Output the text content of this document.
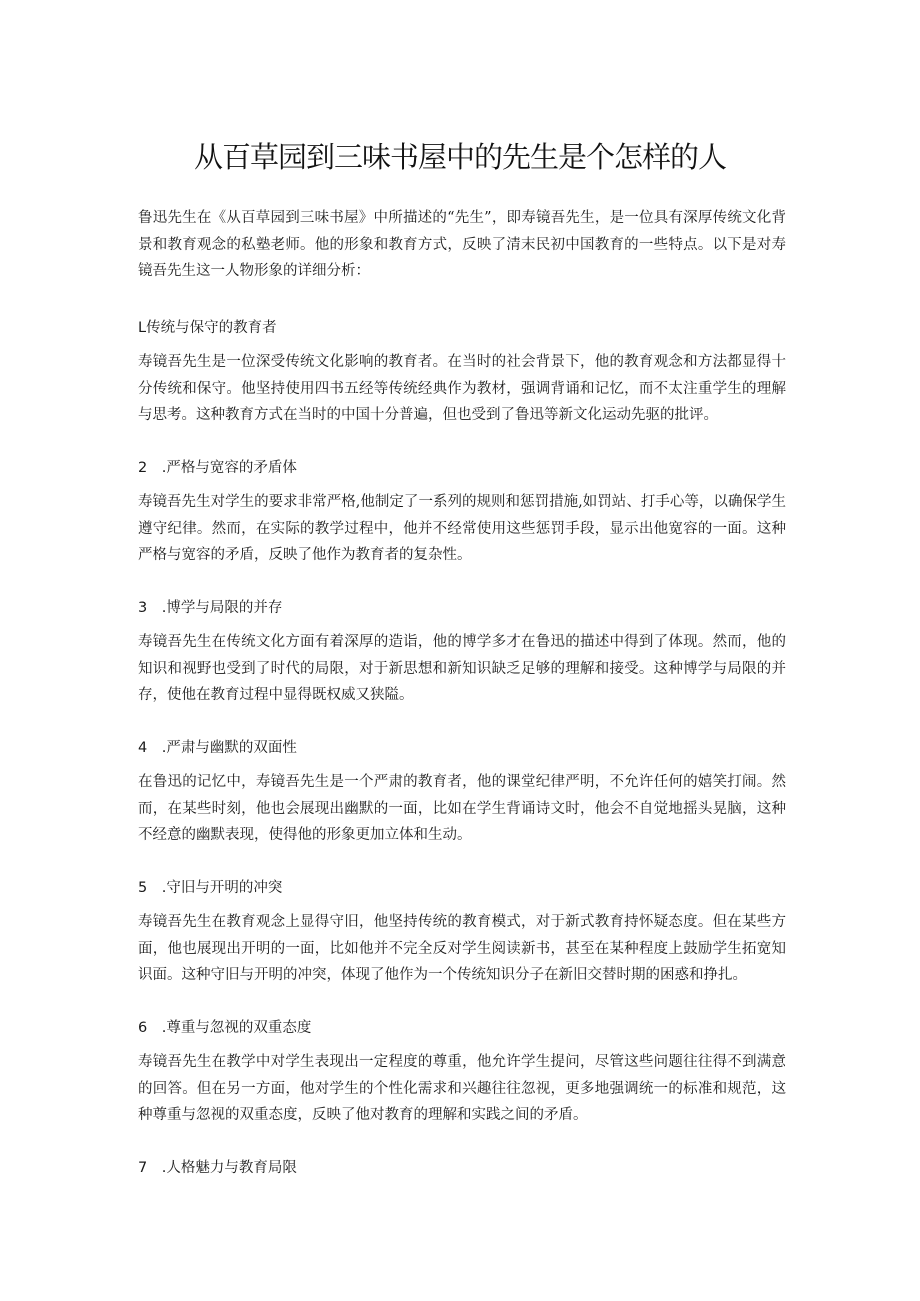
从百草园到三味书屋中的先生是个怎样的人

鲁迅先生在《从百草园到三味书屋》中所描述的“先生”，即寿镜吾先生，是一位具有深厚传统文化背景和教育观念的私塾老师。他的形象和教育方式，反映了清末民初中国教育的一些特点。以下是对寿镜吾先生这一人物形象的详细分析：

L传统与保守的教育者

寿镜吾先生是一位深受传统文化影响的教育者。在当时的社会背景下，他的教育观念和方法都显得十分传统和保守。他坚持使用四书五经等传统经典作为教材，强调背诵和记忆，而不太注重学生的理解与思考。这种教育方式在当时的中国十分普遍，但也受到了鲁迅等新文化运动先驱的批评。

2　.严格与宽容的矛盾体

寿镜吾先生对学生的要求非常严格,他制定了一系列的规则和惩罚措施,如罚站、打手心等，以确保学生遵守纪律。然而，在实际的教学过程中，他并不经常使用这些惩罚手段，显示出他宽容的一面。这种严格与宽容的矛盾，反映了他作为教育者的复杂性。

3　.博学与局限的并存

寿镜吾先生在传统文化方面有着深厚的造诣，他的博学多才在鲁迅的描述中得到了体现。然而，他的知识和视野也受到了时代的局限，对于新思想和新知识缺乏足够的理解和接受。这种博学与局限的并存，使他在教育过程中显得既权威又狭隘。

4　.严肃与幽默的双面性

在鲁迅的记忆中，寿镜吾先生是一个严肃的教育者，他的课堂纪律严明，不允许任何的嬉笑打闹。然而，在某些时刻，他也会展现出幽默的一面，比如在学生背诵诗文时，他会不自觉地摇头晃脑，这种不经意的幽默表现，使得他的形象更加立体和生动。

5　.守旧与开明的冲突

寿镜吾先生在教育观念上显得守旧，他坚持传统的教育模式，对于新式教育持怀疑态度。但在某些方面，他也展现出开明的一面，比如他并不完全反对学生阅读新书，甚至在某种程度上鼓励学生拓宽知识面。这种守旧与开明的冲突，体现了他作为一个传统知识分子在新旧交替时期的困惑和挣扎。

6　.尊重与忽视的双重态度

寿镜吾先生在教学中对学生表现出一定程度的尊重，他允许学生提问，尽管这些问题往往得不到满意的回答。但在另一方面，他对学生的个性化需求和兴趣往往忽视，更多地强调统一的标准和规范，这种尊重与忽视的双重态度，反映了他对教育的理解和实践之间的矛盾。

7　.人格魅力与教育局限
